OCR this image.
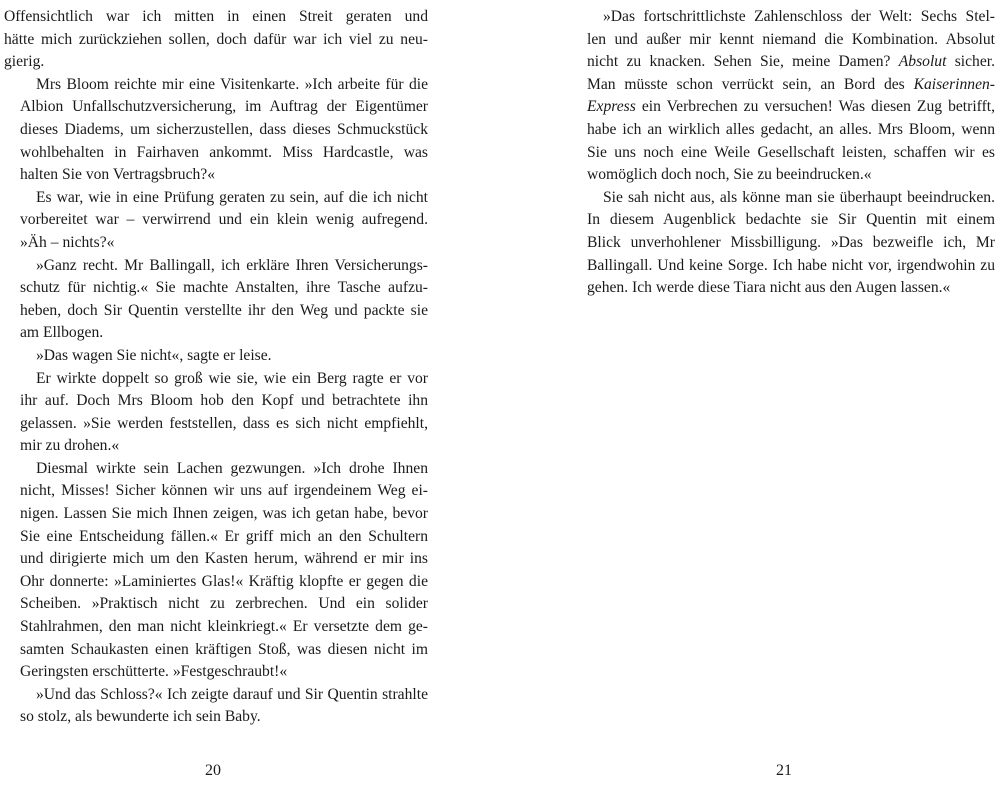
Offensichtlich war ich mitten in einen Streit geraten und
hätte mich zurückziehen sollen, doch dafür war ich viel zu neu-
gierig.

Mrs Bloom reichte mir eine Visitenkarte. »Ich arbeite für die
Albion Unfallschutzversicherung, im Auftrag der Eigentümer
dieses Diadems, um sicherzustellen, dass dieses Schmuckstück
wohlbehalten in Fairhaven ankommt. Miss Hardcastle, was
halten Sie von Vertragsbruch?«

Es war, wie in eine Prüfung geraten zu sein, auf die ich nicht
vorbereitet war – verwirrend und ein klein wenig aufregend.
»Äh – nichts?«

»Ganz recht. Mr Ballingall, ich erkläre Ihren Versicherungs-
schutz für nichtig.« Sie machte Anstalten, ihre Tasche aufzu-
heben, doch Sir Quentin verstellte ihr den Weg und packte sie
am Ellbogen.

»Das wagen Sie nicht«, sagte er leise.

Er wirkte doppelt so groß wie sie, wie ein Berg ragte er vor
ihr auf. Doch Mrs Bloom hob den Kopf und betrachtete ihn
gelassen. »Sie werden feststellen, dass es sich nicht empfiehlt,
mir zu drohen.«

Diesmal wirkte sein Lachen gezwungen. »Ich drohe Ihnen
nicht, Misses! Sicher können wir uns auf irgendeinem Weg ei-
nigen. Lassen Sie mich Ihnen zeigen, was ich getan habe, bevor
Sie eine Entscheidung fällen.« Er griff mich an den Schultern
und dirigierte mich um den Kasten herum, während er mir ins
Ohr donnerte: »Laminiertes Glas!« Kräftig klopfte er gegen die
Scheiben. »Praktisch nicht zu zerbrechen. Und ein solider
Stahlrahmen, den man nicht kleinkriegt.« Er versetzte dem ge-
samten Schaukasten einen kräftigen Stoß, was diesen nicht im
Geringsten erschütterte. »Festgeschraubt!«

»Und das Schloss?« Ich zeigte darauf und Sir Quentin strahlte
so stolz, als bewunderte ich sein Baby.

»Das fortschrittlichste Zahlenschloss der Welt: Sechs Stel-
len und außer mir kennt niemand die Kombination. Absolut
nicht zu knacken. Sehen Sie, meine Damen? Absolut sicher.
Man müsste schon verrückt sein, an Bord des Kaiserinnen-
Express ein Verbrechen zu versuchen! Was diesen Zug betrifft,
habe ich an wirklich alles gedacht, an alles. Mrs Bloom, wenn
Sie uns noch eine Weile Gesellschaft leisten, schaffen wir es
womöglich doch noch, Sie zu beeindrucken.«

Sie sah nicht aus, als könne man sie überhaupt beeindrucken.
In diesem Augenblick bedachte sie Sir Quentin mit einem
Blick unverhohlener Missbilligung. »Das bezweifle ich, Mr
Ballingall. Und keine Sorge. Ich habe nicht vor, irgendwohin zu
gehen. Ich werde diese Tiara nicht aus den Augen lassen.«

20	21
